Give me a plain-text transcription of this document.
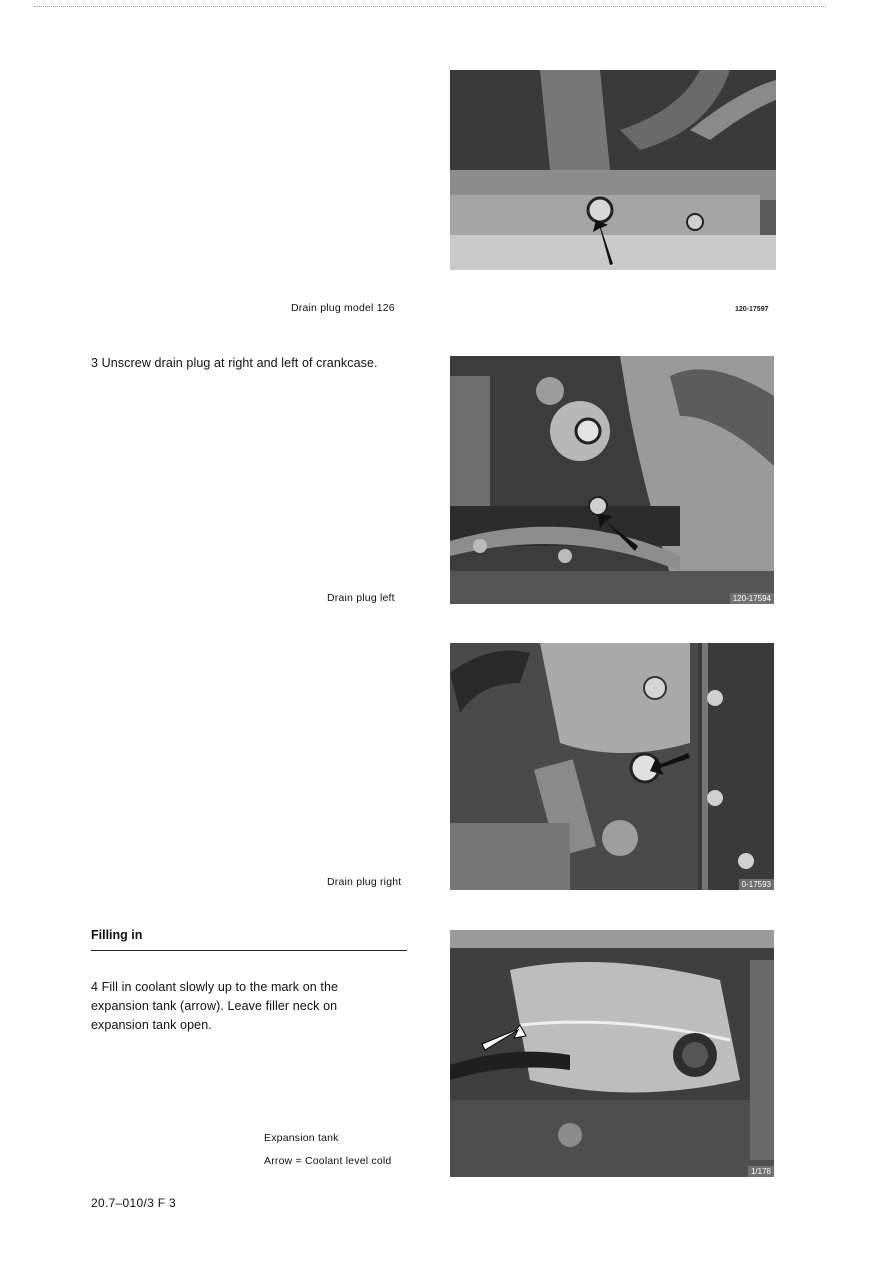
Drain plug model 126	120-17597
3 Unscrew drain plug at right and left of crankcase.
120-17594
Drain plug left
0-17593
Drain plug right
Filling in
4 Fill in coolant slowly up to the mark on the expansion tank (arrow). Leave filler neck on expansion tank open.
1/178
Expansion tank
Arrow = Coolant level cold
20.7–010/3 F 3
